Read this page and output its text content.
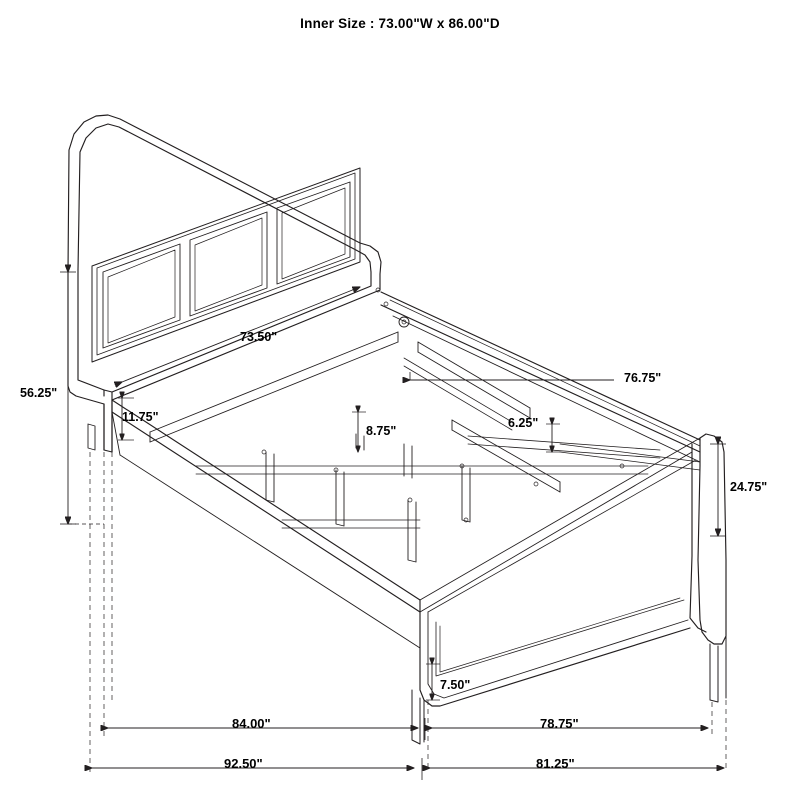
Inner Size : 73.00"W x 86.00"D
56.25"
73.50"
11.75"
8.75"
6.25"
76.75"
24.75"
7.50"
84.00"	78.75"
92.50"	81.25"
